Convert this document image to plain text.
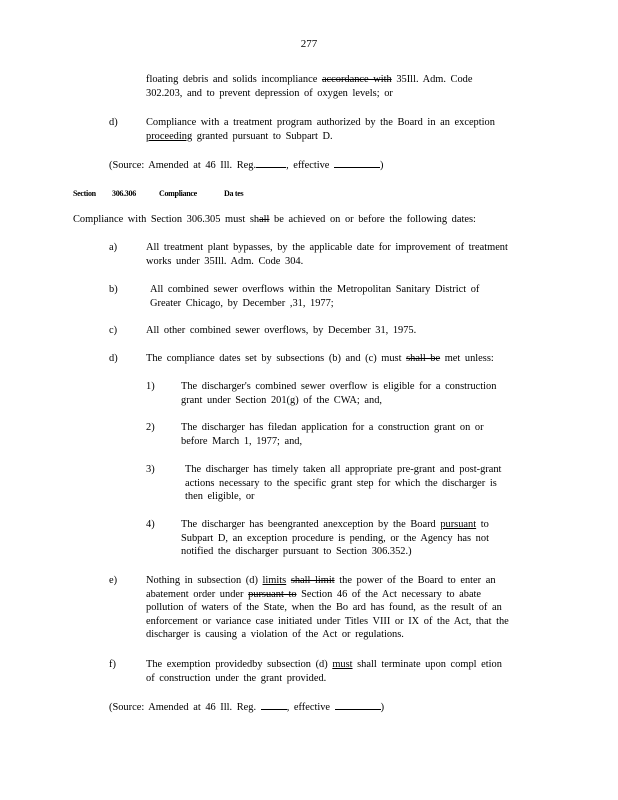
277

floating debris and solids incompliance accordance with 35Ill. Adm. Code

302.203, and to prevent depression of oxygen levels; or

d)	Compliance with a treatment program authorized by the Board in an exception

proceeding granted pursuant to Subpart D.

(Source: Amended at 46 Ill. Reg.	, effective	)

Section 306.306	Compliance	Da tes

Compliance with Section 306.305 must shall be achieved on or before the following dates:

a)	All treatment plant bypasses, by the applicable date for improvement of treatment

works under 35Ill. Adm. Code 304.

b)	All combined sewer overflows within the Metropolitan Sanitary District of

Greater Chicago, by December ,31, 1977;

c)	All other combined sewer overflows, by December 31, 1975.

d)	The compliance dates set by subsections (b) and (c) must shall be met unless:

1)	The discharger's combined sewer overflow is eligible for a construction

grant under Section 201(g) of the CWA; and,

2)	The discharger has filedan application for a construction grant on or

before March 1, 1977; and,

3)	The discharger has timely taken all appropriate pre-grant and post-grant

actions necessary to the specific grant step for which the discharger is

then eligible, or

4)	The discharger has beengranted anexception by the Board pursuant to

Subpart D, an exception procedure is pending, or the Agency has not

notified the discharger pursuant to Section 306.352.)

e)	Nothing in subsection (d) limits shall limit the power of the Board to enter an

abatement order under pursuant to Section 46 of the Act necessary to abate

pollution of waters of the State, when the Bo ard has found, as the result of an

enforcement or variance case initiated under Titles VIII or IX of the Act, that the

discharger is causing a violation of the Act or regulations.

f)	The exemption providedby subsection (d) must shall terminate upon compl etion

of construction under the grant provided.

(Source: Amended at 46 Ill. Reg.	, effective	)
